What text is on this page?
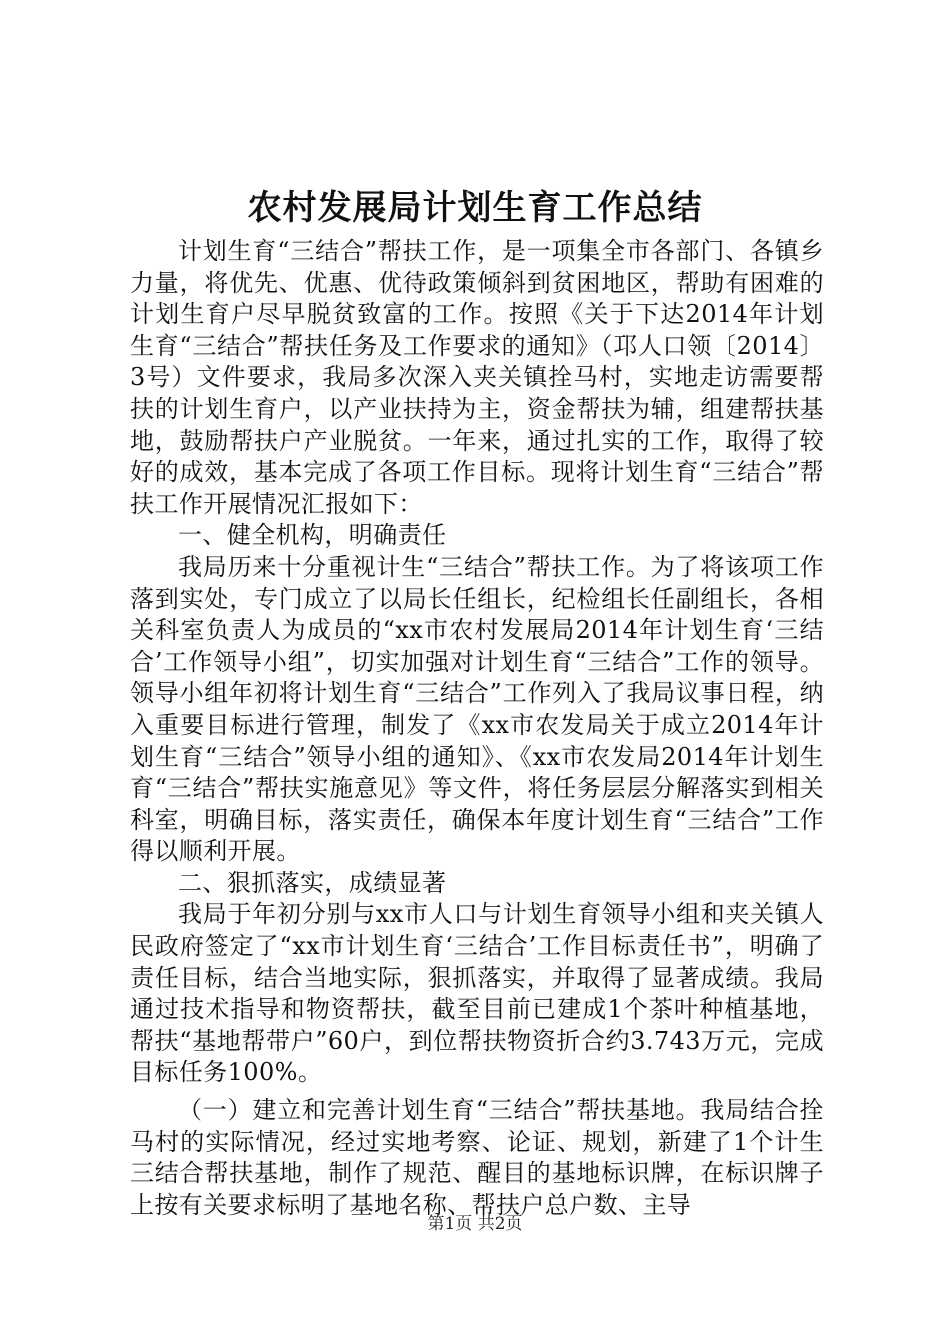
农村发展局计划生育工作总结

计划生育“三结合”帮扶工作，是一项集全市各部门、各镇乡力量，将优先、优惠、优待政策倾斜到贫困地区，帮助有困难的计划生育户尽早脱贫致富的工作。按照《关于下达2014年计划生育“三结合”帮扶任务及工作要求的通知》（邛人口领〔2014〕3号）文件要求，我局多次深入夹关镇拴马村，实地走访需要帮扶的计划生育户，以产业扶持为主，资金帮扶为辅，组建帮扶基地，鼓励帮扶户产业脱贫。一年来，通过扎实的工作，取得了较好的成效，基本完成了各项工作目标。现将计划生育“三结合”帮扶工作开展情况汇报如下：

一、健全机构，明确责任

我局历来十分重视计生“三结合”帮扶工作。为了将该项工作落到实处，专门成立了以局长任组长，纪检组长任副组长，各相关科室负责人为成员的“xx市农村发展局2014年计划生育‘三结合’工作领导小组”，切实加强对计划生育“三结合”工作的领导。领导小组年初将计划生育“三结合”工作列入了我局议事日程，纳入重要目标进行管理，制发了《xx市农发局关于成立2014年计划生育“三结合”领导小组的通知》、《xx市农发局2014年计划生育“三结合”帮扶实施意见》等文件，将任务层层分解落实到相关科室，明确目标，落实责任，确保本年度计划生育“三结合”工作得以顺利开展。

二、狠抓落实，成绩显著

我局于年初分别与xx市人口与计划生育领导小组和夹关镇人民政府签定了“xx市计划生育‘三结合’工作目标责任书”，明确了责任目标，结合当地实际，狠抓落实，并取得了显著成绩。我局通过技术指导和物资帮扶，截至目前已建成1个茶叶种植基地，帮扶“基地帮带户”60户，到位帮扶物资折合约3.743万元，完成目标任务100%。

（一）建立和完善计划生育“三结合”帮扶基地。我局结合拴马村的实际情况，经过实地考察、论证、规划，新建了1个计生三结合帮扶基地，制作了规范、醒目的基地标识牌，在标识牌子上按有关要求标明了基地名称、帮扶户总户数、主导

第1页 共2页
